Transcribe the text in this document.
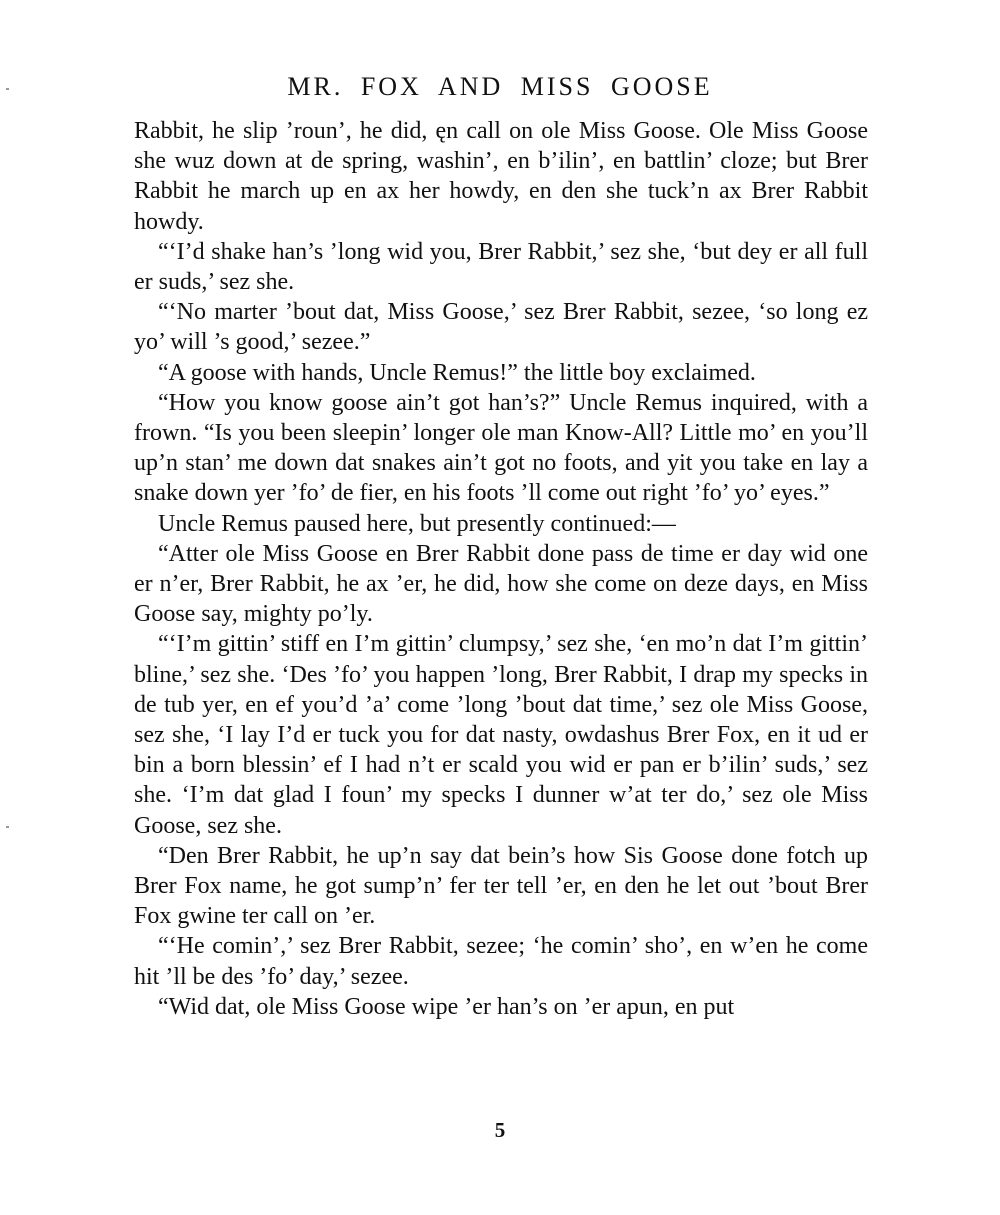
MR. FOX AND MISS GOOSE

Rabbit, he slip ’roun’, he did, ęn call on ole Miss Goose. Ole Miss Goose she wuz down at de spring, washin’, en b’ilin’, en battlin’ cloze; but Brer Rabbit he march up en ax her howdy, en den she tuck’n ax Brer Rabbit howdy.

“‘I’d shake han’s ’long wid you, Brer Rabbit,’ sez she, ‘but dey er all full er suds,’ sez she.

“‘No marter ’bout dat, Miss Goose,’ sez Brer Rabbit, sezee, ‘so long ez yo’ will ’s good,’ sezee.”

“A goose with hands, Uncle Remus!” the little boy exclaimed.

“How you know goose ain’t got han’s?” Uncle Remus inquired, with a frown. “Is you been sleepin’ longer ole man Know-All? Little mo’ en you’ll up’n stan’ me down dat snakes ain’t got no foots, and yit you take en lay a snake down yer ’fo’ de fier, en his foots ’ll come out right ’fo’ yo’ eyes.”

Uncle Remus paused here, but presently continued:—

“Atter ole Miss Goose en Brer Rabbit done pass de time er day wid one er n’er, Brer Rabbit, he ax ’er, he did, how she come on deze days, en Miss Goose say, mighty po’ly.

“‘I’m gittin’ stiff en I’m gittin’ clumpsy,’ sez she, ‘en mo’n dat I’m gittin’ bline,’ sez she. ‘Des ’fo’ you happen ’long, Brer Rabbit, I drap my specks in de tub yer, en ef you’d ’a’ come ’long ’bout dat time,’ sez ole Miss Goose, sez she, ‘I lay I’d er tuck you for dat nasty, owdashus Brer Fox, en it ud er bin a born blessin’ ef I had n’t er scald you wid er pan er b’ilin’ suds,’ sez she. ‘I’m dat glad I foun’ my specks I dunner w’at ter do,’ sez ole Miss Goose, sez she.

“Den Brer Rabbit, he up’n say dat bein’s how Sis Goose done fotch up Brer Fox name, he got sump’n’ fer ter tell ’er, en den he let out ’bout Brer Fox gwine ter call on ’er.

“‘He comin’,’ sez Brer Rabbit, sezee; ‘he comin’ sho’, en w’en he come hit ’ll be des ’fo’ day,’ sezee.

“Wid dat, ole Miss Goose wipe ’er han’s on ’er apun, en put

5
